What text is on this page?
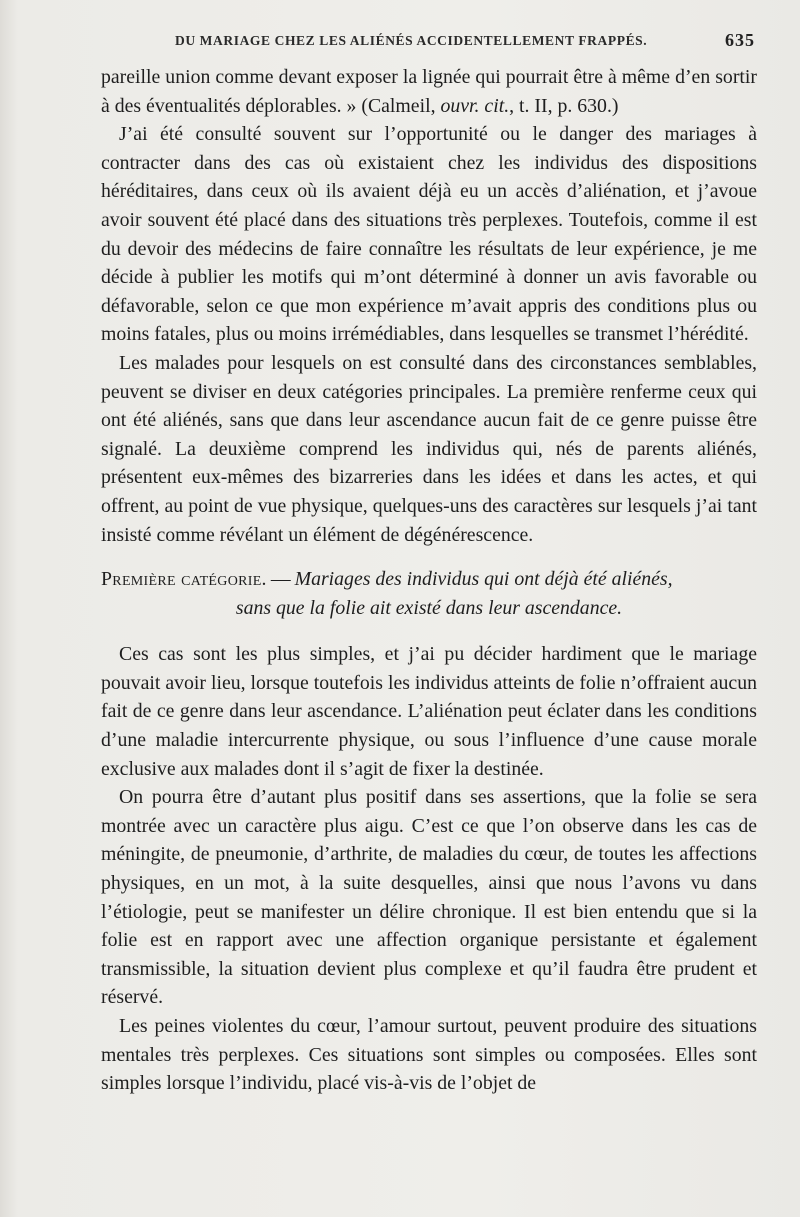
DU MARIAGE CHEZ LES ALIÉNÉS ACCIDENTELLEMENT FRAPPÉS.	635

pareille union comme devant exposer la lignée qui pourrait être à même d’en sortir à des éventualités déplorables. » (Calmeil, ouvr. cit., t. II, p. 630.)

J’ai été consulté souvent sur l’opportunité ou le danger des mariages à contracter dans des cas où existaient chez les individus des dispositions héréditaires, dans ceux où ils avaient déjà eu un accès d’aliénation, et j’avoue avoir souvent été placé dans des situations très perplexes. Toutefois, comme il est du devoir des médecins de faire connaître les résultats de leur expérience, je me décide à publier les motifs qui m’ont déterminé à donner un avis favorable ou défavorable, selon ce que mon expérience m’avait appris des conditions plus ou moins fatales, plus ou moins irrémédiables, dans lesquelles se transmet l’hérédité.

Les malades pour lesquels on est consulté dans des circonstances semblables, peuvent se diviser en deux catégories principales. La première renferme ceux qui ont été aliénés, sans que dans leur ascendance aucun fait de ce genre puisse être signalé. La deuxième comprend les individus qui, nés de parents aliénés, présentent eux-mêmes des bizarreries dans les idées et dans les actes, et qui offrent, au point de vue physique, quelques-uns des caractères sur lesquels j’ai tant insisté comme révélant un élément de dégénérescence.

Première catégorie. — Mariages des individus qui ont déjà été aliénés,
sans que la folie ait existé dans leur ascendance.

Ces cas sont les plus simples, et j’ai pu décider hardiment que le mariage pouvait avoir lieu, lorsque toutefois les individus atteints de folie n’offraient aucun fait de ce genre dans leur ascendance. L’aliénation peut éclater dans les conditions d’une maladie intercurrente physique, ou sous l’influence d’une cause morale exclusive aux malades dont il s’agit de fixer la destinée.

On pourra être d’autant plus positif dans ses assertions, que la folie se sera montrée avec un caractère plus aigu. C’est ce que l’on observe dans les cas de méningite, de pneumonie, d’arthrite, de maladies du cœur, de toutes les affections physiques, en un mot, à la suite desquelles, ainsi que nous l’avons vu dans l’étiologie, peut se manifester un délire chronique. Il est bien entendu que si la folie est en rapport avec une affection organique persistante et également transmissible, la situation devient plus complexe et qu’il faudra être prudent et réservé.

Les peines violentes du cœur, l’amour surtout, peuvent produire des situations mentales très perplexes. Ces situations sont simples ou composées. Elles sont simples lorsque l’individu, placé vis-à-vis de l’objet de
